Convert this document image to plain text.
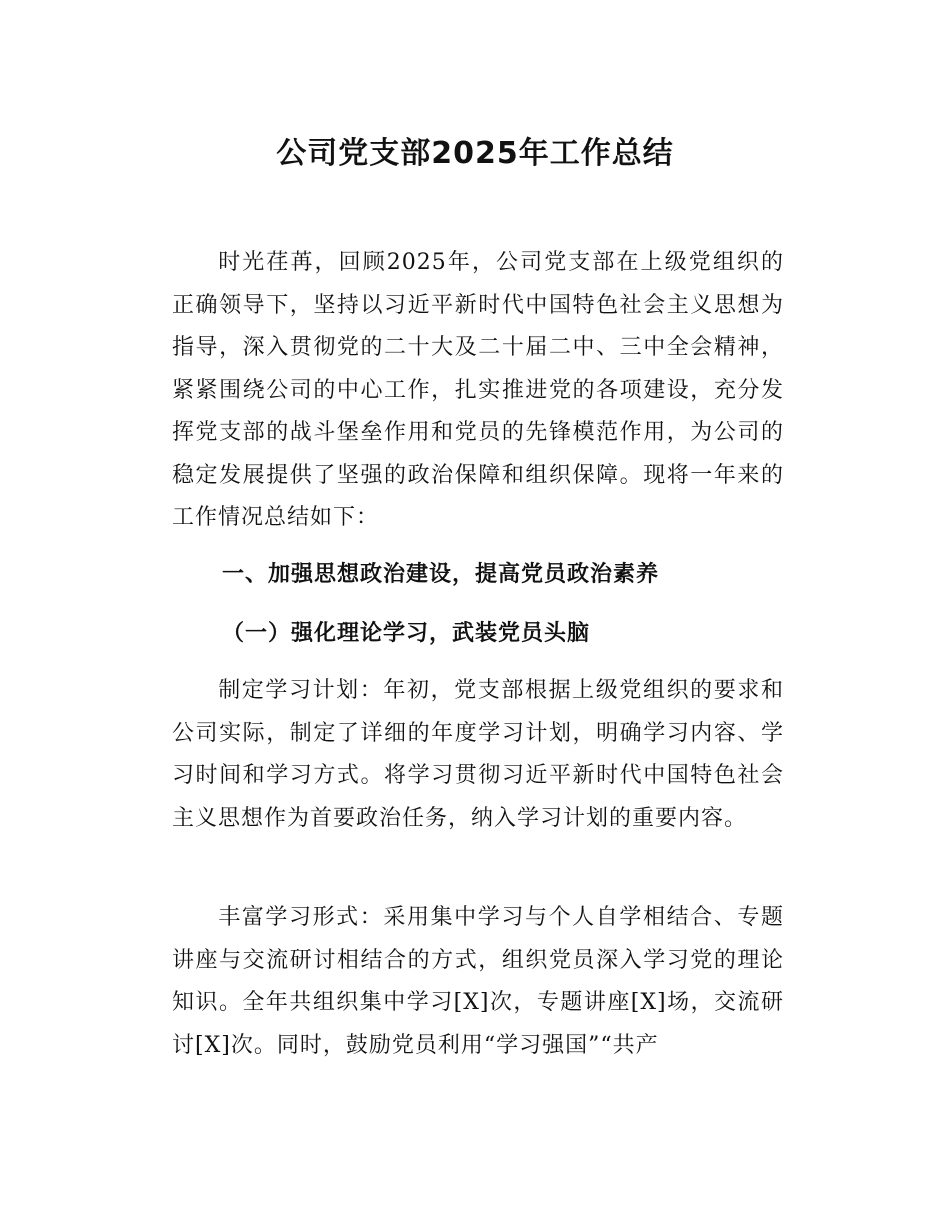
公司党支部2025年工作总结

时光荏苒，回顾2025年，公司党支部在上级党组织的正确领导下，坚持以习近平新时代中国特色社会主义思想为指导，深入贯彻党的二十大及二十届二中、三中全会精神，紧紧围绕公司的中心工作，扎实推进党的各项建设，充分发挥党支部的战斗堡垒作用和党员的先锋模范作用，为公司的稳定发展提供了坚强的政治保障和组织保障。现将一年来的工作情况总结如下：

一、加强思想政治建设，提高党员政治素养
（一）强化理论学习，武装党员头脑

制定学习计划：年初，党支部根据上级党组织的要求和公司实际，制定了详细的年度学习计划，明确学习内容、学习时间和学习方式。将学习贯彻习近平新时代中国特色社会主义思想作为首要政治任务，纳入学习计划的重要内容。

丰富学习形式：采用集中学习与个人自学相结合、专题讲座与交流研讨相结合的方式，组织党员深入学习党的理论知识。全年共组织集中学习[X]次，专题讲座[X]场，交流研讨[X]次。同时，鼓励党员利用“学习强国”“共产
